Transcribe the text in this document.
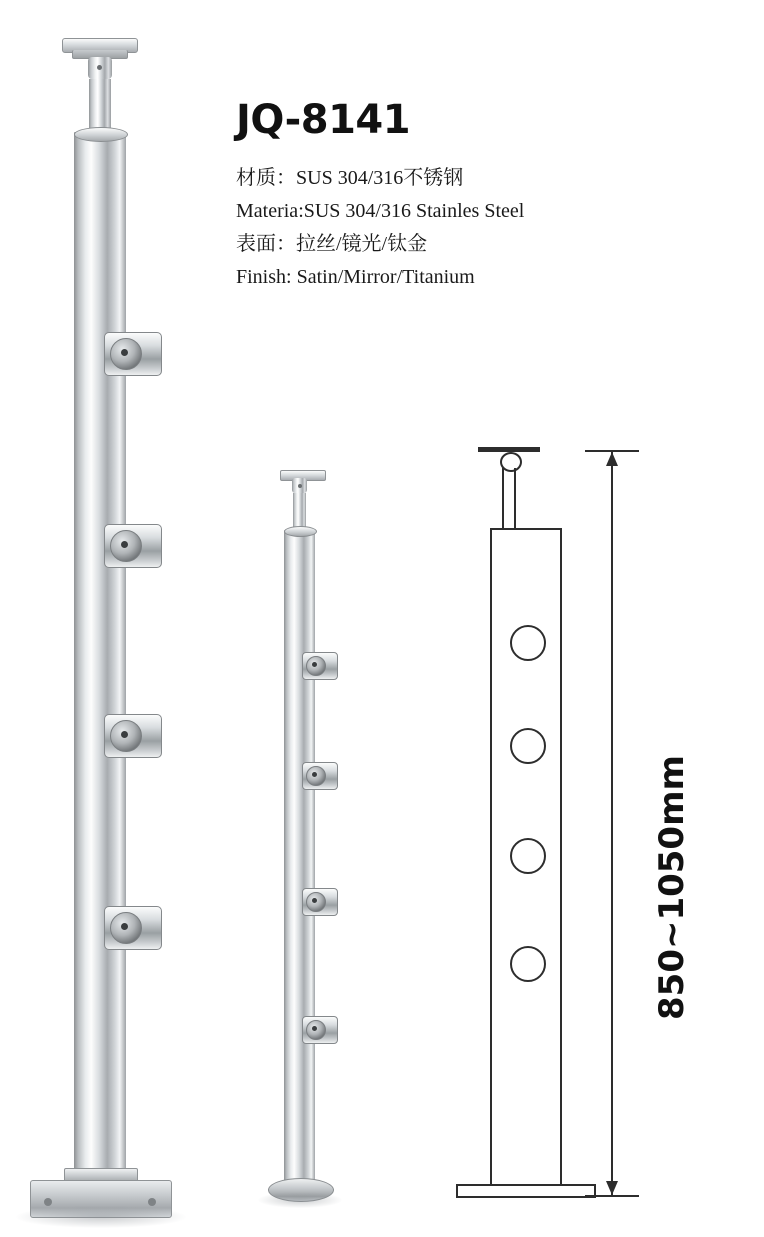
JQ-8141
材质：SUS 304/316不锈钢
Materia:SUS 304/316 Stainles Steel
表面：拉丝/镜光/钛金
Finish: Satin/Mirror/Titanium
850~1050mm
